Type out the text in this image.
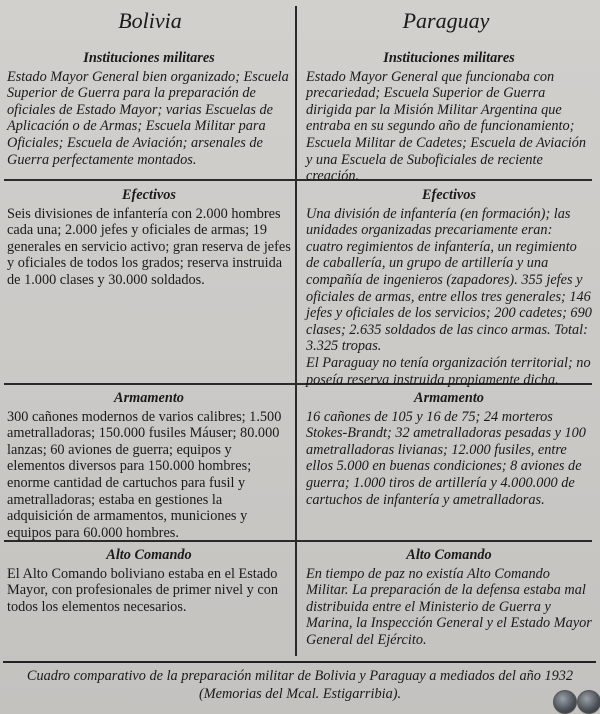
Bolivia	Paraguay
Instituciones militares
Estado Mayor General bien organizado; Escuela Superior de Guerra para la preparación de oficiales de Estado Mayor; varias Escuelas de Aplicación o de Armas; Escuela Militar para Oficiales; Escuela de Aviación; arsenales de Guerra perfectamente montados.
Instituciones militares
Estado Mayor General que funcionaba con precariedad; Escuela Superior de Guerra dirigida par la Misión Militar Argentina que entraba en su segundo año de funcionamiento; Escuela Militar de Cadetes; Escuela de Aviación y una Escuela de Suboficiales de reciente creación.
Efectivos
Seis divisiones de infantería con 2.000 hombres cada una; 2.000 jefes y oficiales de armas; 19 generales en servicio activo; gran reserva de jefes y oficiales de todos los grados; reserva instruida de 1.000 clases y 30.000 soldados.
Efectivos
Una división de infantería (en formación); las unidades organizadas precariamente eran: cuatro regimientos de infantería, un regimiento de caballería, un grupo de artillería y una compañía de ingenieros (zapadores). 355 jefes y oficiales de armas, entre ellos tres generales; 146 jefes y oficiales de los servicios; 200 cadetes; 690 clases; 2.635 soldados de las cinco armas. Total: 3.325 tropas.
El Paraguay no tenía organización territorial; no poseía reserva instruida propiamente dicha.
Armamento
300 cañones modernos de varios calibres; 1.500 ametralladoras; 150.000 fusiles Máuser; 80.000 lanzas; 60 aviones de guerra; equipos y elementos diversos para 150.000 hombres; enorme cantidad de cartuchos para fusil y ametralladoras; estaba en gestiones la adquisición de armamentos, municiones y equipos para 60.000 hombres.
Armamento
16 cañones de 105 y 16 de 75; 24 morteros Stokes-Brandt; 32 ametralladoras pesadas y 100 ametralladoras livianas; 12.000 fusiles, entre ellos 5.000 en buenas condiciones; 8 aviones de guerra; 1.000 tiros de artillería y 4.000.000 de cartuchos de infantería y ametralladoras.
Alto Comando
El Alto Comando boliviano estaba en el Estado Mayor, con profesionales de primer nivel y con todos los elementos necesarios.
Alto Comando
En tiempo de paz no existía Alto Comando Militar. La preparación de la defensa estaba mal distribuida entre el Ministerio de Guerra y Marina, la Inspección General y el Estado Mayor General del Ejército.
Cuadro comparativo de la preparación militar de Bolivia y Paraguay a mediados del año 1932
(Memorias del Mcal. Estigarribia).
